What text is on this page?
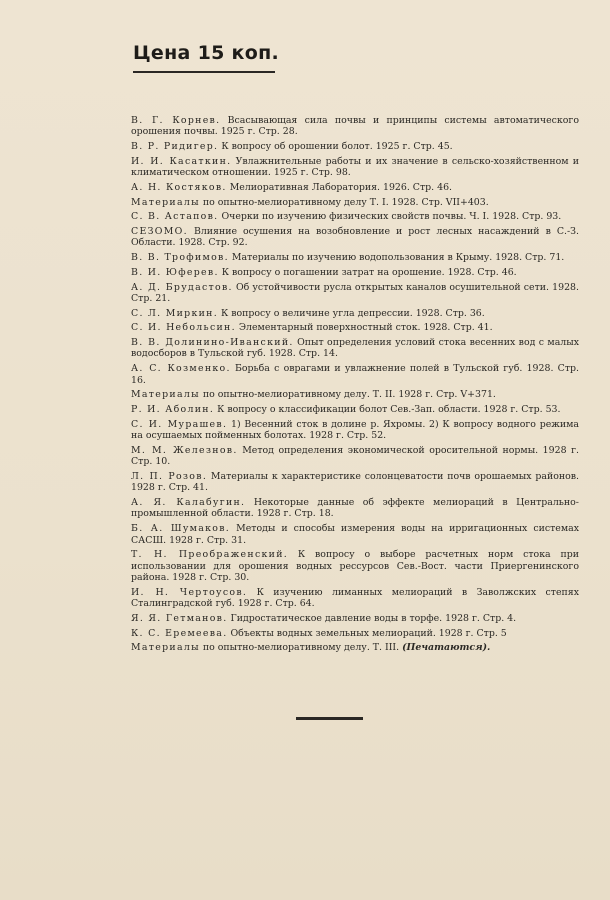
Цена 15 коп.
В. Г. Корнев. Всасывающая сила почвы и принципы системы автоматического орошения почвы. 1925 г. Стр. 28.
В. Р. Ридигер. К вопросу об орошении болот. 1925 г. Стр. 45.
И. И. Касаткин. Увлажнительные работы и их значение в сельско-хозяйственном и климатическом отношении. 1925 г. Стр. 98.
А. Н. Костяков. Мелиоративная Лаборатория. 1926. Стр. 46.
Материалы по опытно-мелиоративному делу Т. I. 1928. Стр. VII+403.
С. В. Астапов. Очерки по изучению физических свойств почвы. Ч. I. 1928. Стр. 93.
СЕЗОМО. Влияние осушения на возобновление и рост лесных насаждений в С.-З. Области. 1928. Стр. 92.
В. В. Трофимов. Материалы по изучению водопользования в Крыму. 1928. Стр. 71.
В. И. Юферев. К вопросу о погашении затрат на орошение. 1928. Стр. 46.
А. Д. Брудастов. Об устойчивости русла открытых каналов осушительной сети. 1928. Стр. 21.
С. Л. Миркин. К вопросу о величине угла депрессии. 1928. Стр. 36.
С. И. Небольсин. Элементарный поверхностный сток. 1928. Стр. 41.
В. В. Долинино-Иванский. Опыт определения условий стока весенних вод с малых водосборов в Тульской губ. 1928. Стр. 14.
А. С. Козменко. Борьба с оврагами и увлажнение полей в Тульской губ. 1928. Стр. 16.
Материалы по опытно-мелиоративному делу. Т. II. 1928 г. Стр. V+371.
Р. И. Аболин. К вопросу о классификации болот Сев.-Зап. области. 1928 г. Стр. 53.
С. И. Мурашев. 1) Весенний сток в долине р. Яхромы. 2) К вопросу водного режима на осушаемых пойменных болотах. 1928 г. Стр. 52.
М. М. Железнов. Метод определения экономической оросительной нормы. 1928 г. Стр. 10.
Л. П. Розов. Материалы к характеристике солонцеватости почв орошаемых районов. 1928 г. Стр. 41.
А. Я. Калабугин. Некоторые данные об эффекте мелиораций в Центрально-промышленной области. 1928 г. Стр. 18.
Б. А. Шумаков. Методы и способы измерения воды на ирригационных системах САСШ. 1928 г. Стр. 31.
Т. Н. Преображенский. К вопросу о выборе расчетных норм стока при использовании для орошения водных рессурсов Сев.-Вост. части Приергенинского района. 1928 г. Стр. 30.
И. Н. Чертоусов. К изучению лиманных мелиораций в Заволжских степях Сталинградской губ. 1928 г. Стр. 64.
Я. Я. Гетманов. Гидростатическое давление воды в торфе. 1928 г. Стр. 4.
К. С. Еремеева. Объекты водных земельных мелиораций. 1928 г. Стр. 5
Материалы по опытно-мелиоративному делу. Т. III. (Печатаются).
